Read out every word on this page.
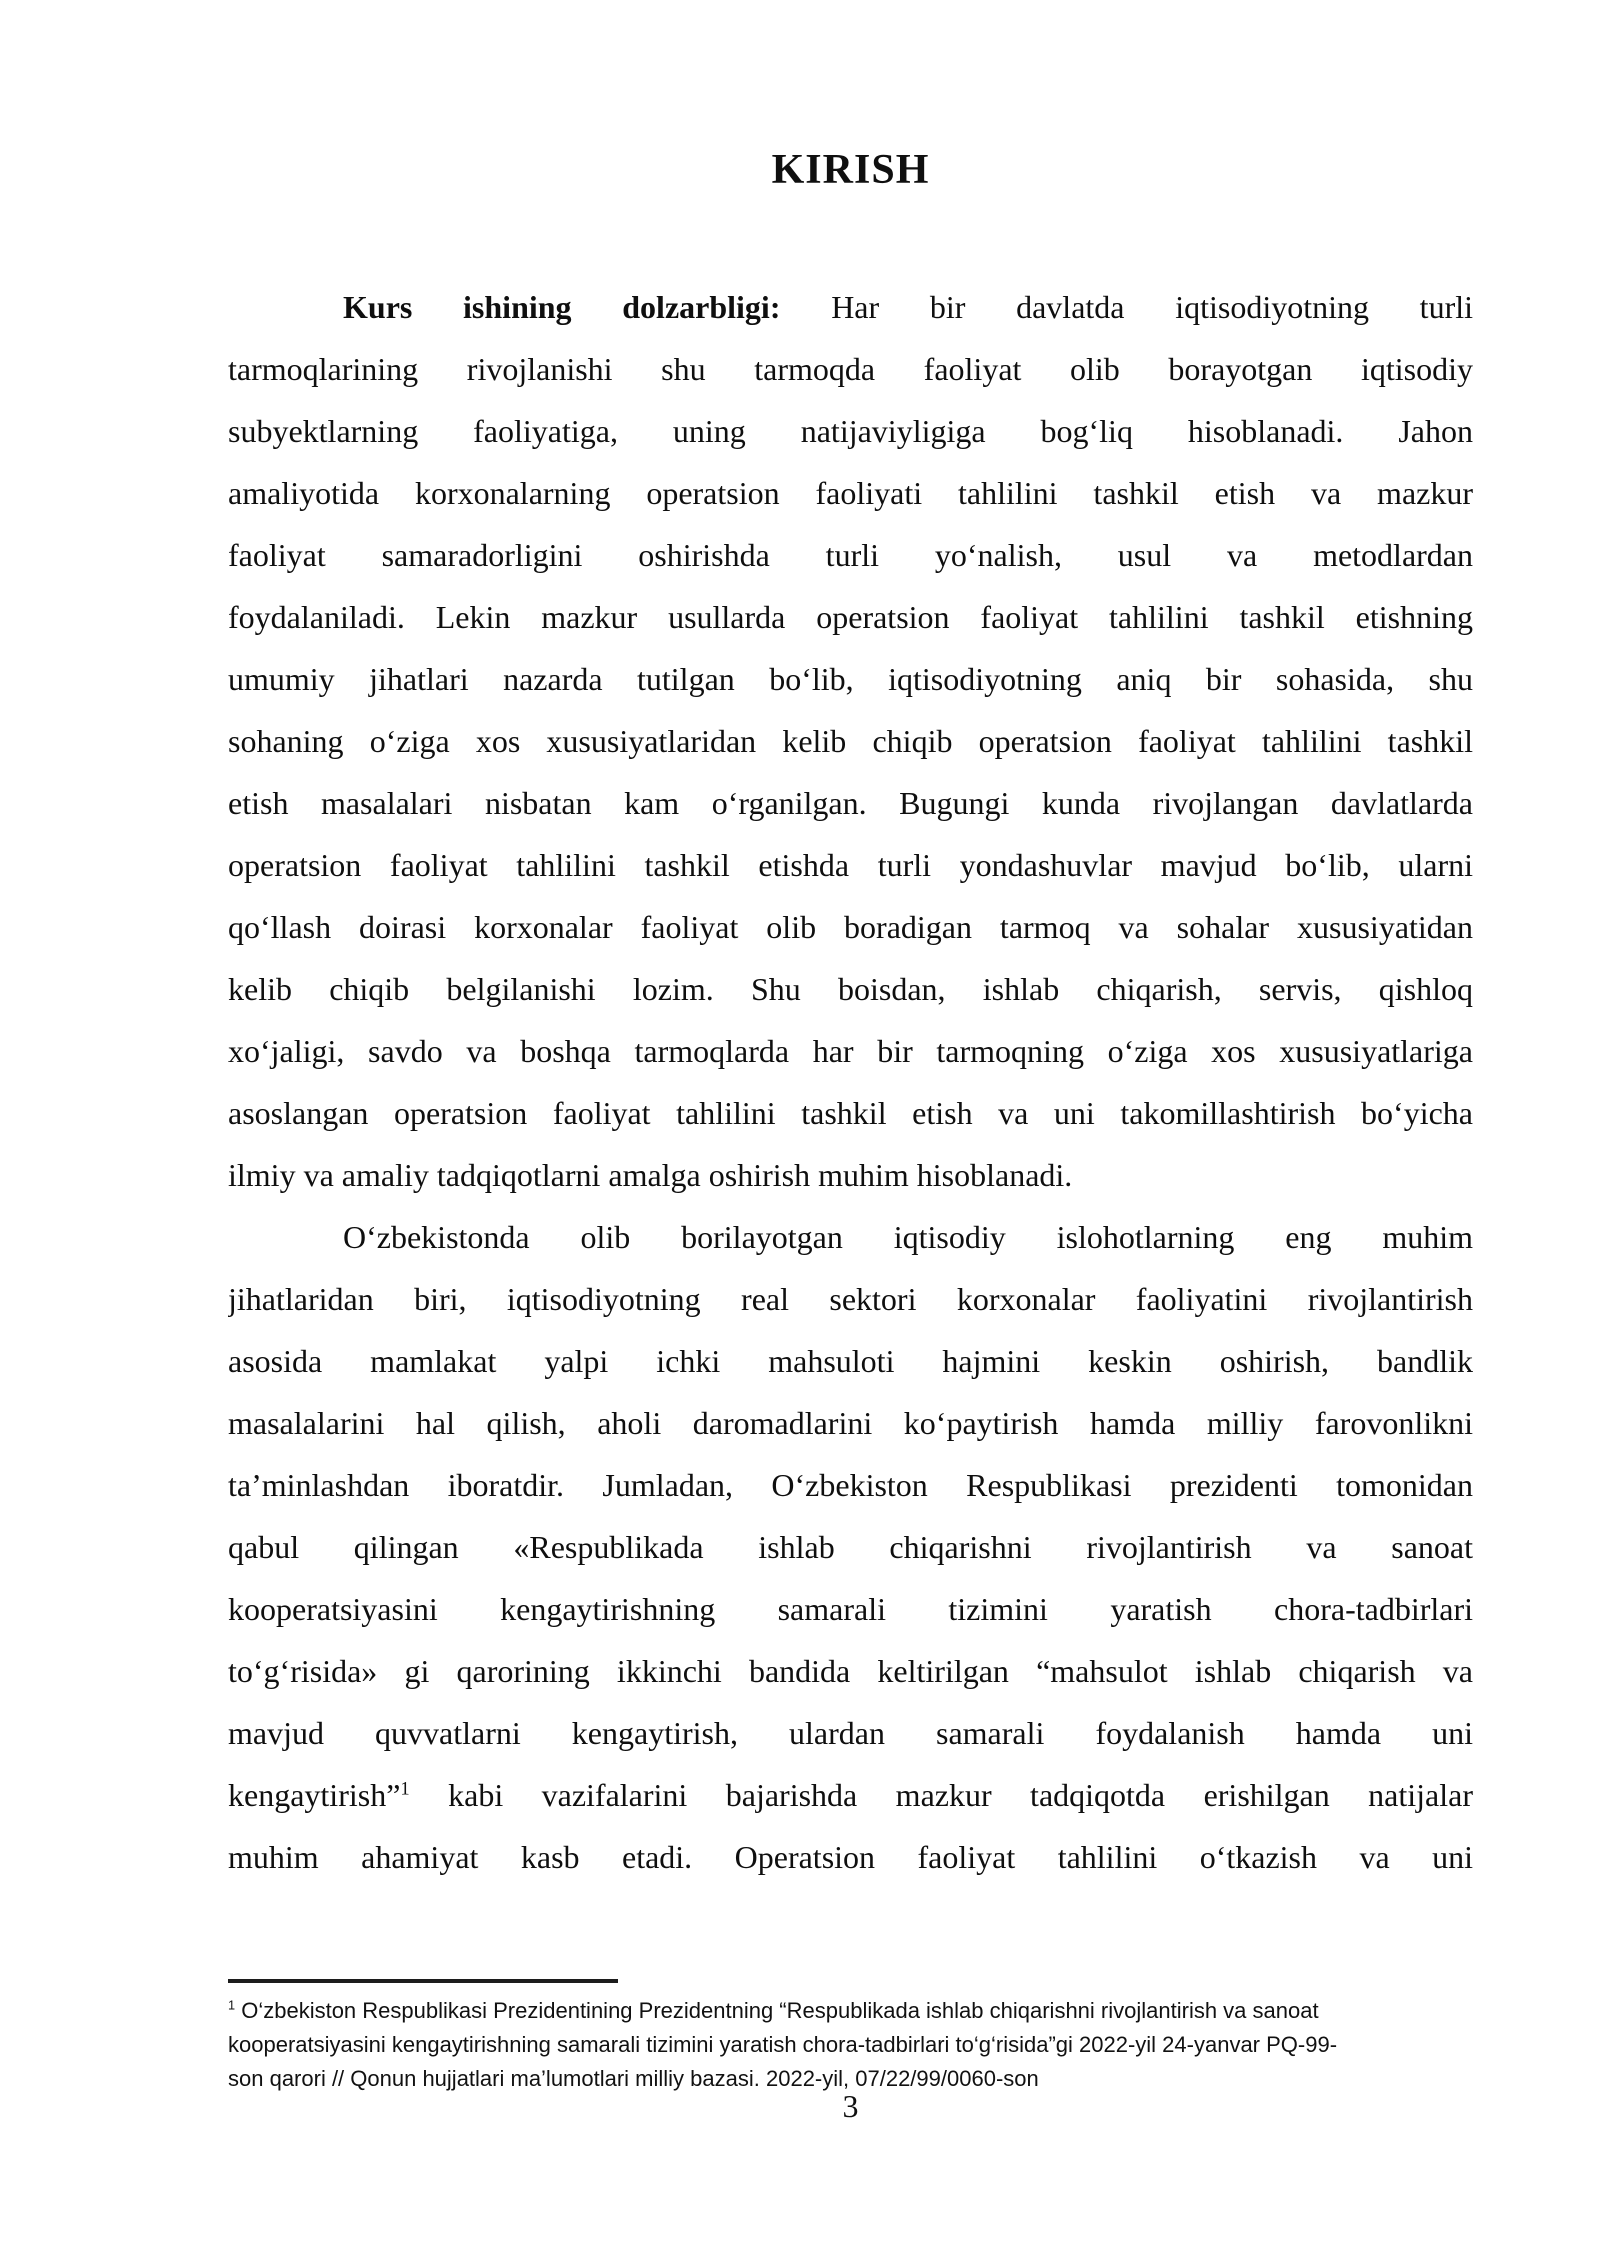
KIRISH
Kurs ishining dolzarbligi: Har bir davlatda iqtisodiyotning turli
tarmoqlarining rivojlanishi shu tarmoqda faoliyat olib borayotgan iqtisodiy
subyektlarning faoliyatiga, uning natijaviyligiga bog‘liq hisoblanadi. Jahon
amaliyotida korxonalarning operatsion faoliyati tahlilini tashkil etish va mazkur
faoliyat samaradorligini oshirishda turli yo‘nalish, usul va metodlardan
foydalaniladi. Lekin mazkur usullarda operatsion faoliyat tahlilini tashkil etishning
umumiy jihatlari nazarda tutilgan bo‘lib, iqtisodiyotning aniq bir sohasida, shu
sohaning o‘ziga xos xususiyatlaridan kelib chiqib operatsion faoliyat tahlilini tashkil
etish masalalari nisbatan kam o‘rganilgan. Bugungi kunda rivojlangan davlatlarda
operatsion faoliyat tahlilini tashkil etishda turli yondashuvlar mavjud bo‘lib, ularni
qo‘llash doirasi korxonalar faoliyat olib boradigan tarmoq va sohalar xususiyatidan
kelib chiqib belgilanishi lozim. Shu boisdan, ishlab chiqarish, servis, qishloq
xo‘jaligi, savdo va boshqa tarmoqlarda har bir tarmoqning o‘ziga xos xususiyatlariga
asoslangan operatsion faoliyat tahlilini tashkil etish va uni takomillashtirish bo‘yicha
ilmiy va amaliy tadqiqotlarni amalga oshirish muhim hisoblanadi.
O‘zbekistonda olib borilayotgan iqtisodiy islohotlarning eng muhim
jihatlaridan biri, iqtisodiyotning real sektori korxonalar faoliyatini rivojlantirish
asosida mamlakat yalpi ichki mahsuloti hajmini keskin oshirish, bandlik
masalalarini hal qilish, aholi daromadlarini ko‘paytirish hamda milliy farovonlikni
ta’minlashdan iboratdir. Jumladan, O‘zbekiston Respublikasi prezidenti tomonidan
qabul qilingan «Respublikada ishlab chiqarishni rivojlantirish va sanoat
kooperatsiyasini kengaytirishning samarali tizimini yaratish chora-tadbirlari
to‘g‘risida» gi qarorining ikkinchi bandida keltirilgan “mahsulot ishlab chiqarish va
mavjud quvvatlarni kengaytirish, ulardan samarali foydalanish hamda uni
kengaytirish”$^1$ kabi vazifalarini bajarishda mazkur tadqiqotda erishilgan natijalar
muhim ahamiyat kasb etadi. Operatsion faoliyat tahlilini o‘tkazish va uni
$^1$ O‘zbekiston Respublikasi Prezidentining Prezidentning “Respublikada ishlab chiqarishni rivojlantirish va sanoat
kooperatsiyasini kengaytirishning samarali tizimini yaratish chora-tadbirlari to‘g‘risida”gi 2022-yil 24-yanvar PQ-99-
son qarori // Qonun hujjatlari ma’lumotlari milliy bazasi. 2022-yil, 07/22/99/0060-son
3
